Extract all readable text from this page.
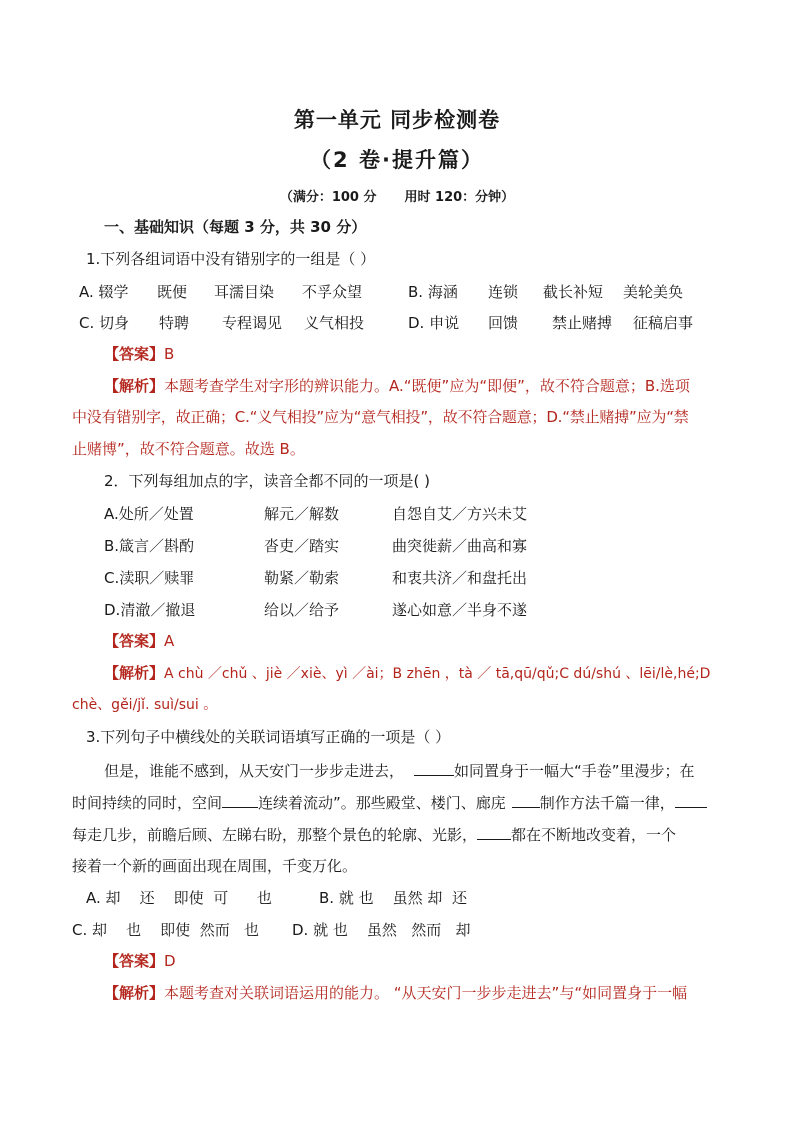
第一单元 同步检测卷
（2 卷·提升篇）
（满分：100 分 用时 120：分钟）
一、基础知识（每题 3 分，共 30 分）
1.下列各组词语中没有错别字的一组是（ ）
A. 辍学 既便 耳濡目染 不孚众望	B. 海涵 连锁 截长补短 美轮美奂
C. 切身 特聘 专程谒见 义气相投	D. 申说 回馈 禁止赌搏 征稿启事
【答案】B
【解析】本题考查学生对字形的辨识能力。A.“既便”应为“即便”，故不符合题意；B.选项
中没有错别字，故正确；C.“义气相投”应为“意气相投”，故不符合题意；D.“禁止赌搏”应为“禁
止赌博”，故不符合题意。故选 B。
2．下列每组加点的字，读音全都不同的一项是( )
A.处所／处置	解元／解数	自怨自艾／方兴未艾
B.箴言／斟酌	沓吏／踏实	曲突徙薪／曲高和寡
C.渎职／赎罪	勒紧／勒索	和衷共济／和盘托出
D.清澈／撤退	给以／给予	遂心如意／半身不遂
【答案】A
【解析】A chù ／chǔ 、jiè ／xiè、yì ／ài；B zhēn ，tà ／ tā,qū/qǔ;C dú/shú 、lēi/lè,hé;D
chè、gěi/jǐ. suì/sui 。
3.下列句子中横线处的关联词语填写正确的一项是（ ）
但是，谁能不感到，从天安门一步步走进去，	如同置身于一幅大“手卷”里漫步；在
时间持续的同时，空间 连续着流动”。那些殿堂、楼门、廊庑 制作方法千篇一律，
每走几步，前瞻后顾、左睇右盼，那整个景色的轮廓、光影， 都在不断地改变着，一个
接着一个新的画面出现在周围，千变万化。
A. 却    还    即使  可      也	B. 就 也    虽然 却  还
C. 却    也    即使  然而   也 D. 就 也    虽然   然而   却
【答案】D
【解析】本题考查对关联词语运用的能力。 “从天安门一步步走进去”与“如同置身于一幅
